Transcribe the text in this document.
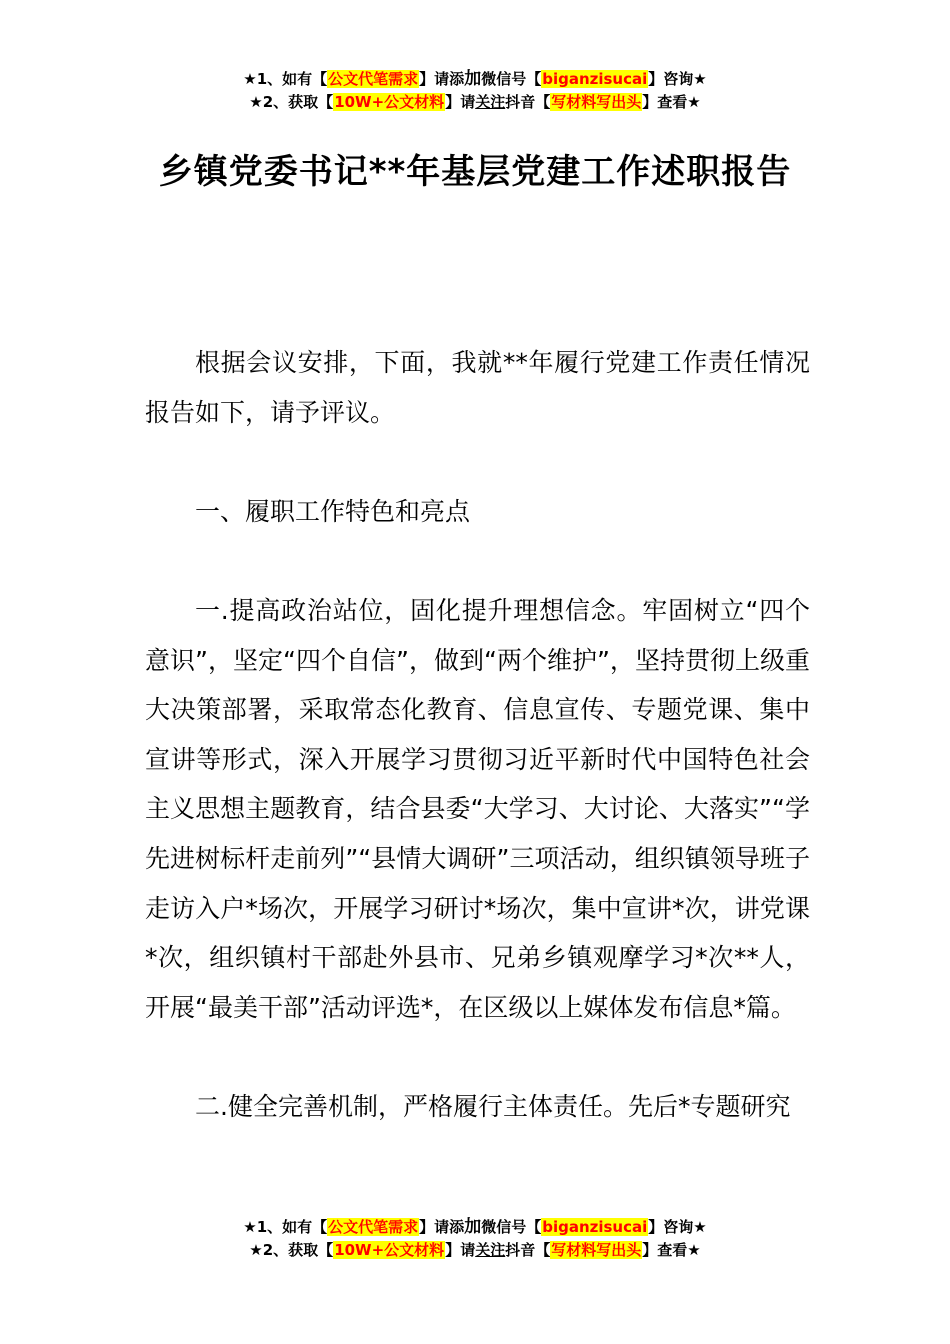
★1、如有【公文代笔需求】请添加微信号【biganzisucai】咨询★
★2、获取【10W+公文材料】请关注抖音【写材料写出头】查看★
乡镇党委书记**年基层党建工作述职报告

根据会议安排，下面，我就**年履行党建工作责任情况报告如下，请予评议。

一、履职工作特色和亮点

一.提高政治站位，固化提升理想信念。牢固树立“四个意识”，坚定“四个自信”，做到“两个维护”，坚持贯彻上级重大决策部署，采取常态化教育、信息宣传、专题党课、集中宣讲等形式，深入开展学习贯彻习近平新时代中国特色社会主义思想主题教育，结合县委“大学习、大讨论、大落实”“学先进树标杆走前列”“县情大调研”三项活动，组织镇领导班子走访入户*场次，开展学习研讨*场次，集中宣讲*次，讲党课*次，组织镇村干部赴外县市、兄弟乡镇观摩学习*次**人，开展“最美干部”活动评选*，在区级以上媒体发布信息*篇。

二.健全完善机制，严格履行主体责任。先后*专题研究

★1、如有【公文代笔需求】请添加微信号【biganzisucai】咨询★
★2、获取【10W+公文材料】请关注抖音【写材料写出头】查看★
